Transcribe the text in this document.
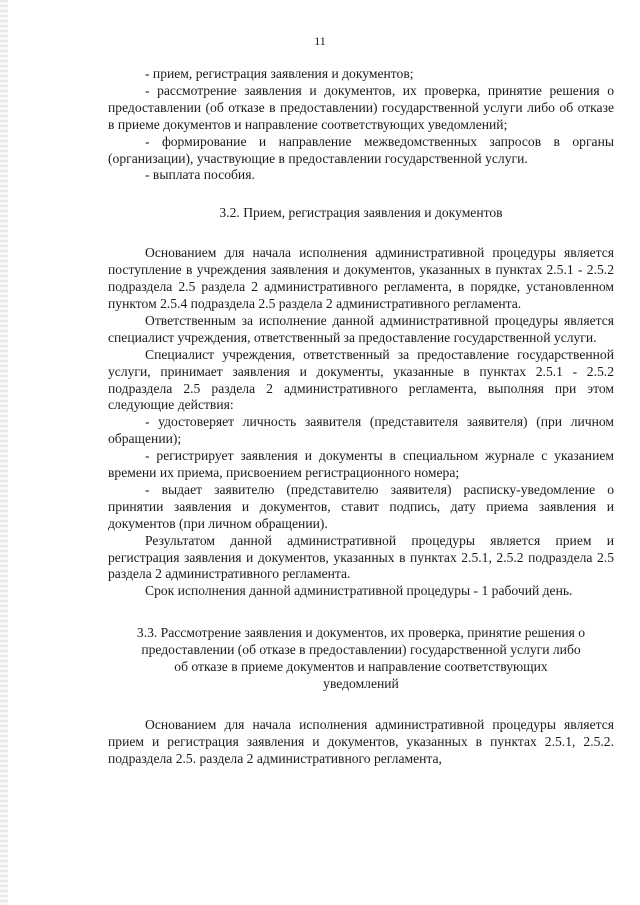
11

- прием, регистрация заявления и документов;

- рассмотрение заявления и документов, их проверка, принятие решения о предоставлении (об отказе в предоставлении) государственной услуги либо об отказе в приеме документов и направление соответствующих уведомлений;

- формирование и направление межведомственных запросов в органы (организации), участвующие в предоставлении государственной услуги.

- выплата пособия.

3.2. Прием, регистрация заявления и документов

Основанием для начала исполнения административной процедуры является поступление в учреждения заявления и документов, указанных в пунктах 2.5.1 - 2.5.2 подраздела 2.5 раздела 2 административного регламента, в порядке, установленном пунктом 2.5.4 подраздела 2.5 раздела 2 административного регламента.

Ответственным за исполнение данной административной процедуры является специалист учреждения, ответственный за предоставление государственной услуги.

Специалист учреждения, ответственный за предоставление государственной услуги, принимает заявления и документы, указанные в пунктах 2.5.1 - 2.5.2 подраздела 2.5 раздела 2 административного регламента, выполняя при этом следующие действия:

- удостоверяет личность заявителя (представителя заявителя) (при личном обращении);

- регистрирует заявления и документы в специальном журнале с указанием времени их приема, присвоением регистрационного номера;

- выдает заявителю (представителю заявителя) расписку-уведомление о принятии заявления и документов, ставит подпись, дату приема заявления и документов (при личном обращении).

Результатом данной административной процедуры является прием и регистрация заявления и документов, указанных в пунктах 2.5.1, 2.5.2 подраздела 2.5 раздела 2 административного регламента.

Срок исполнения данной административной процедуры - 1 рабочий день.

3.3. Рассмотрение заявления и документов, их проверка, принятие решения о

предоставлении (об отказе в предоставлении) государственной услуги либо

об отказе в приеме документов и направление соответствующих

уведомлений

Основанием для начала исполнения административной процедуры является прием и регистрация заявления и документов, указанных в пунктах 2.5.1, 2.5.2. подраздела 2.5. раздела 2 административного регламента,
